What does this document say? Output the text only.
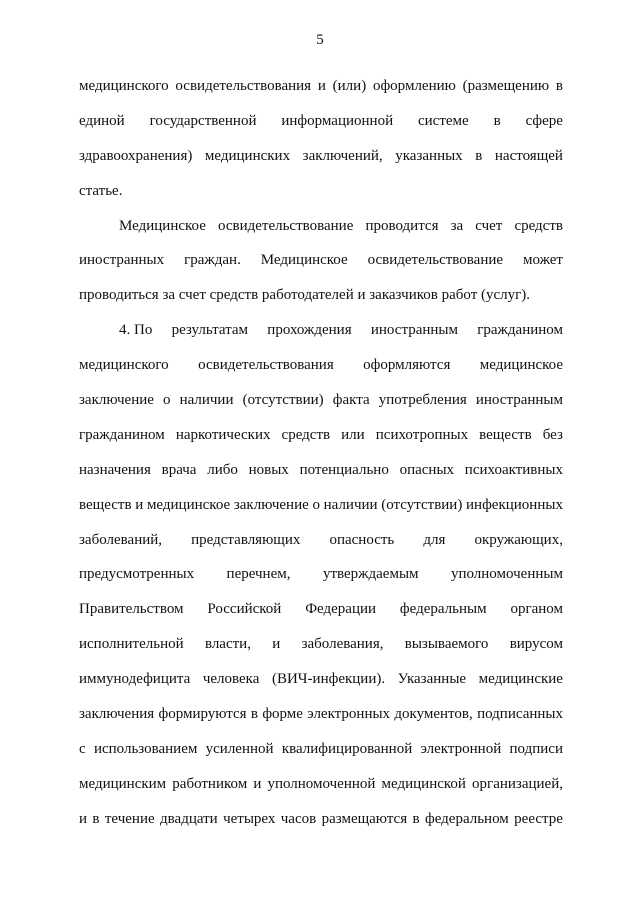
5
медицинского освидетельствования и (или) оформлению (размещению в
единой государственной информационной системе в сфере
здравоохранения) медицинских заключений, указанных в настоящей
статье.
Медицинское освидетельствование проводится за счет средств
иностранных граждан. Медицинское освидетельствование может
проводиться за счет средств работодателей и заказчиков работ (услуг).
4. По результатам прохождения иностранным гражданином
медицинского освидетельствования оформляются медицинское
заключение о наличии (отсутствии) факта употребления иностранным
гражданином наркотических средств или психотропных веществ без
назначения врача либо новых потенциально опасных психоактивных
веществ и медицинское заключение о наличии (отсутствии) инфекционных
заболеваний, представляющих опасность для окружающих,
предусмотренных перечнем, утверждаемым уполномоченным
Правительством Российской Федерации федеральным органом
исполнительной власти, и заболевания, вызываемого вирусом
иммунодефицита человека (ВИЧ-инфекции). Указанные медицинские
заключения формируются в форме электронных документов, подписанных
с использованием усиленной квалифицированной электронной подписи
медицинским работником и уполномоченной медицинской организацией,
и в течение двадцати четырех часов размещаются в федеральном реестре
